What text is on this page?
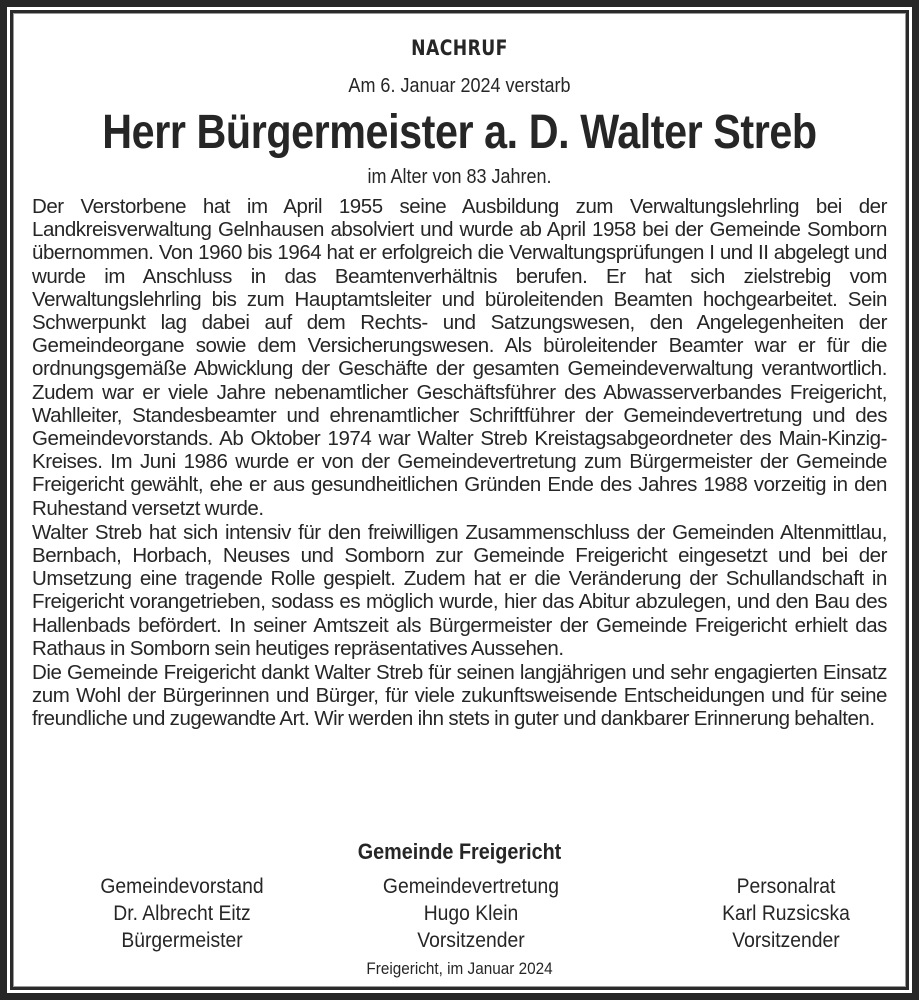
NACHRUF
Am 6. Januar 2024 verstarb
Herr Bürgermeister a. D. Walter Streb
im Alter von 83 Jahren.

Der Verstorbene hat im April 1955 seine Ausbildung zum Verwaltungslehrling bei der Landkreisverwaltung Gelnhausen absolviert und wurde ab April 1958 bei der Gemeinde Somborn übernommen. Von 1960 bis 1964 hat er erfolgreich die Verwaltungsprüfungen I und II abgelegt und wurde im Anschluss in das Beamtenverhältnis berufen. Er hat sich zielstrebig vom Verwaltungslehrling bis zum Hauptamtsleiter und büroleitenden Beamten hochgearbeitet. Sein Schwerpunkt lag dabei auf dem Rechts- und Satzungswesen, den Angelegenheiten der Gemeindeorgane sowie dem Versicherungswesen. Als büroleitender Beamter war er für die ordnungsgemäße Abwicklung der Geschäfte der gesamten Gemeindeverwaltung verantwortlich. Zudem war er viele Jahre nebenamtlicher Geschäftsführer des Abwasserverbandes Freigericht, Wahlleiter, Standesbeamter und ehrenamtlicher Schriftführer der Gemeindevertretung und des Gemeindevorstands. Ab Oktober 1974 war Walter Streb Kreistagsabgeordneter des Main-Kinzig-Kreises. Im Juni 1986 wurde er von der Gemeindevertretung zum Bürgermeister der Gemeinde Freigericht gewählt, ehe er aus gesundheitlichen Gründen Ende des Jahres 1988 vorzeitig in den Ruhestand versetzt wurde.

Walter Streb hat sich intensiv für den freiwilligen Zusammenschluss der Gemeinden Altenmittlau, Bernbach, Horbach, Neuses und Somborn zur Gemeinde Freigericht eingesetzt und bei der Umsetzung eine tragende Rolle gespielt. Zudem hat er die Veränderung der Schullandschaft in Freigericht vorangetrieben, sodass es möglich wurde, hier das Abitur abzulegen, und den Bau des Hallenbads befördert. In seiner Amtszeit als Bürgermeister der Gemeinde Freigericht erhielt das Rathaus in Somborn sein heutiges repräsentatives Aussehen.

Die Gemeinde Freigericht dankt Walter Streb für seinen langjährigen und sehr engagierten Einsatz zum Wohl der Bürgerinnen und Bürger, für viele zukunftsweisende Entscheidungen und für seine freundliche und zugewandte Art. Wir werden ihn stets in guter und dankbarer Erinnerung behalten.

Gemeinde Freigericht
Gemeindevorstand
Dr. Albrecht Eitz
Bürgermeister
Gemeindevertretung
Hugo Klein
Vorsitzender
Personalrat
Karl Ruzsicska
Vorsitzender
Freigericht, im Januar 2024
